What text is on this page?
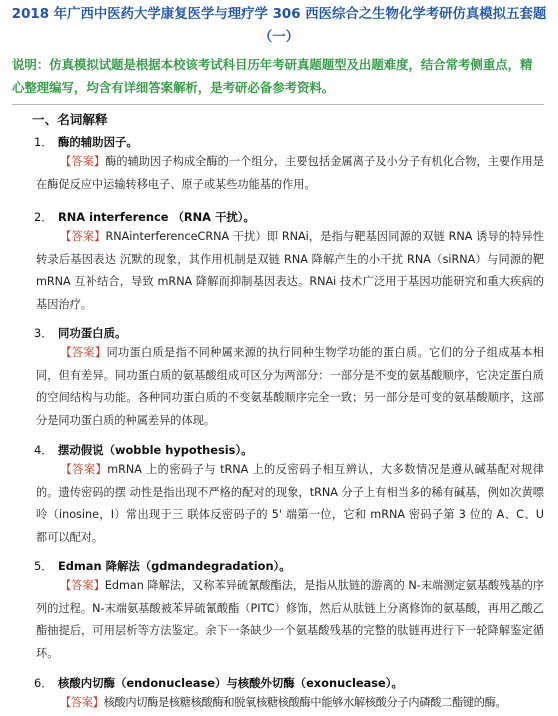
2018 年广西中医药大学康复医学与理疗学 306 西医综合之生物化学考研仿真模拟五套题（一）
说明：仿真模拟试题是根据本校该考试科目历年考研真题题型及出题难度，结合常考侧重点，精心整理编写，均含有详细答案解析，是考研必备参考资料。
一、名词解释
1． 酶的辅助因子。
【答案】酶的辅助因子构成全酶的一个组分，主要包括金属离子及小分子有机化合物，主要作用是在酶促反应中运输转移电子、原子或某些功能基的作用。
2． RNA interference （RNA 干扰）。
【答案】RNAinterferenceCRNA 干扰）即 RNAi，是指与靶基因同源的双链 RNA 诱导的特异性转录后基因表达 沉默的现象，其作用机制是双链 RNA 降解产生的小干扰 RNA（siRNA）与同源的靶 mRNA 互补结合，导致 mRNA 降解而抑制基因表达。RNAi 技术广泛用于基因功能研究和重大疾病的基因治疗。
3． 同功蛋白质。
【答案】同功蛋白质是指不同种属来源的执行同种生物学功能的蛋白质。它们的分子组成基本相同，但有差异。同功蛋白质的氨基酸组成可区分为两部分：一部分是不变的氨基酸顺序，它决定蛋白质的空间结构与功能。各种同功蛋白质的不变氨基酸顺序完全一致；另一部分是可变的氨基酸顺序，这部分是同功蛋白质的种属差异的体现。
4． 摆动假说（wobble hypothesis）。
【答案】mRNA 上的密码子与 tRNA 上的反密码子相互辨认，大多数情况是遵从碱基配对规律的。遗传密码的摆 动性是指出现不严格的配对的现象，tRNA 分子上有相当多的稀有碱基，例如次黄嘌呤（inosine，I）常出现于三 联体反密码子的 5' 端第一位，它和 mRNA 密码子第 3 位的 A、C、U 都可以配对。
5． Edman 降解法（gdmandegradation）。
【答案】Edman 降解法，又称苯异硫氰酸酯法，是指从肽链的游离的 N-末端测定氨基酸残基的序列的过程。N-末端氨基酸被苯异硫氰酸酯（PITC）修饰，然后从肽链上分离修饰的氨基酸，再用乙酸乙酯抽提后，可用层析等方法鉴定。余下一条缺少一个氨基酸残基的完整的肽链再进行下一轮降解鉴定循环。
6． 核酸内切酶（endonuclease）与核酸外切酶（exonuclease）。
【答案】核酸内切酶是核糖核酸酶和脱氧核糖核酸酶中能够水解核酸分子内磷酸二酯键的酶。
